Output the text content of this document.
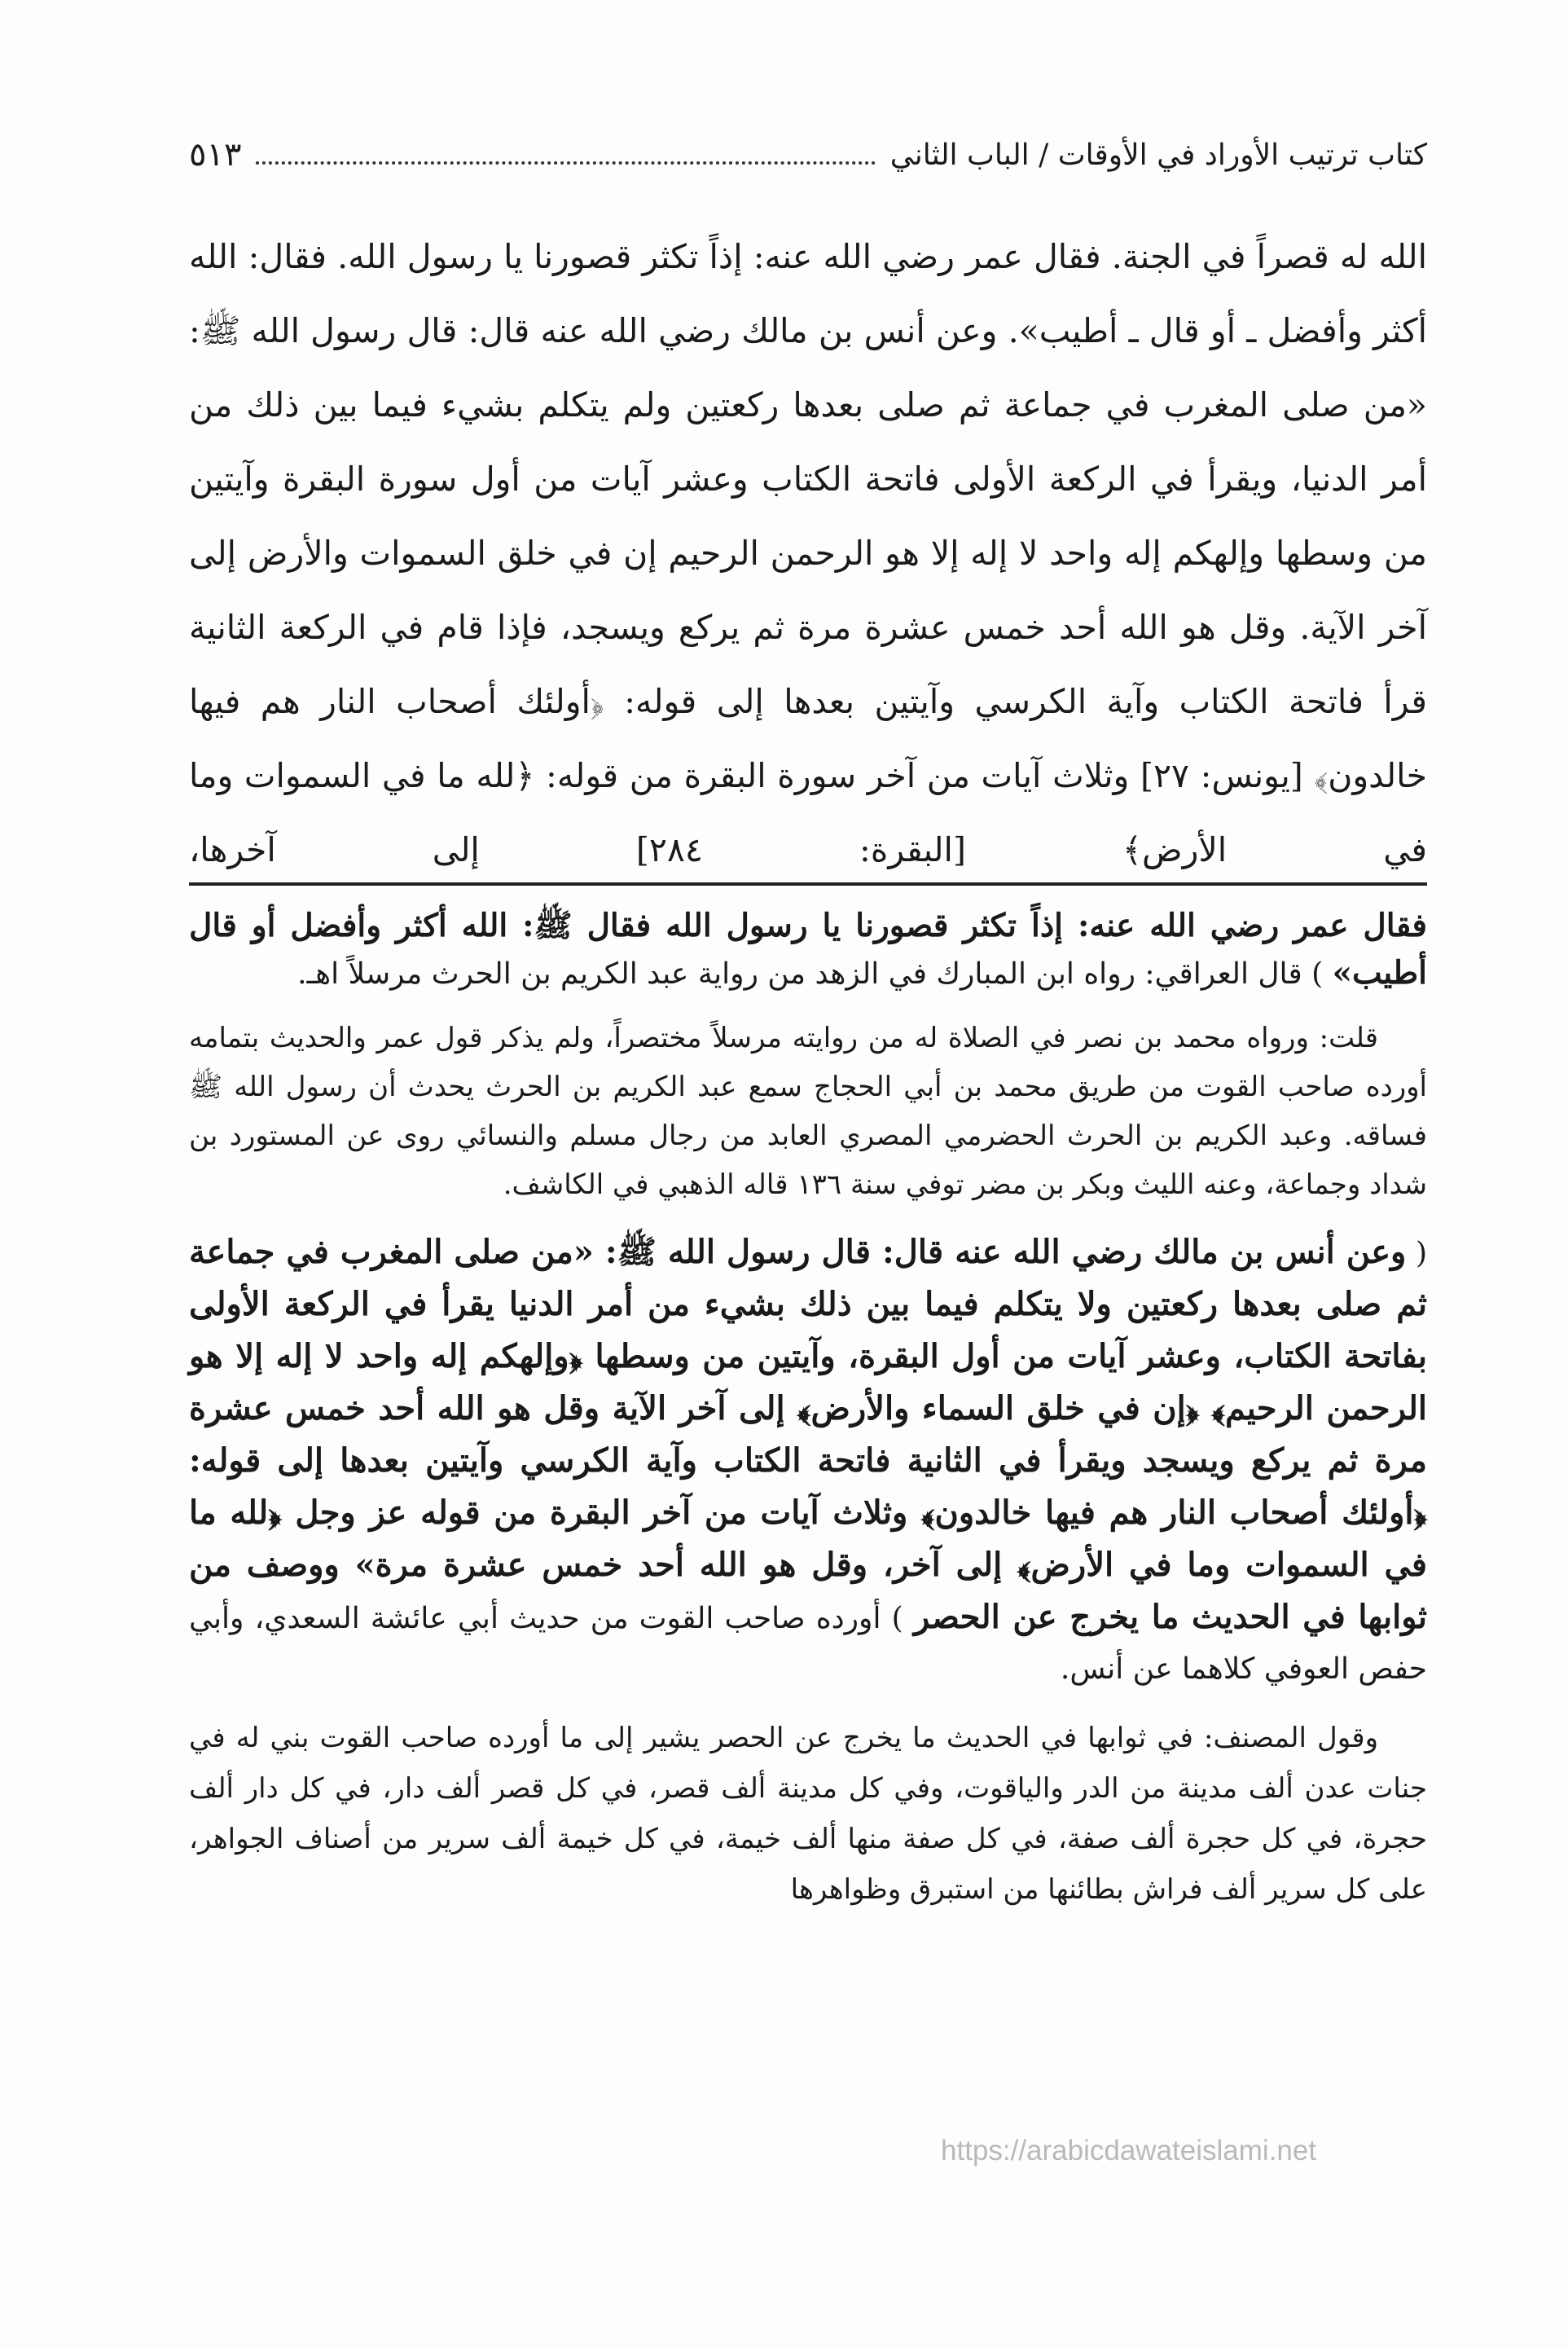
٥١٣	كتاب ترتيب الأوراد في الأوقات / الباب الثاني

الله له قصراً في الجنة. فقال عمر رضي الله عنه: إذاً تكثر قصورنا يا رسول الله. فقال: الله أكثر وأفضل ـ أو قال ـ أطيب». وعن أنس بن مالك رضي الله عنه قال: قال رسول الله ﷺ: «من صلى المغرب في جماعة ثم صلى بعدها ركعتين ولم يتكلم بشيء فيما بين ذلك من أمر الدنيا، ويقرأ في الركعة الأولى فاتحة الكتاب وعشر آيات من أول سورة البقرة وآيتين من وسطها وإلهكم إله واحد لا إله إلا هو الرحمن الرحيم إن في خلق السموات والأرض إلى آخر الآية. وقل هو الله أحد خمس عشرة مرة ثم يركع ويسجد، فإذا قام في الركعة الثانية قرأ فاتحة الكتاب وآية الكرسي وآيتين بعدها إلى قوله: ﴿أولئك أصحاب النار هم فيها خالدون﴾ [يونس: ٢٧] وثلاث آيات من آخر سورة البقرة من قوله: ﴿لله ما في السموات وما في الأرض﴾ [البقرة: ٢٨٤] إلى آخرها،

فقال عمر رضي الله عنه: إذاً تكثر قصورنا يا رسول الله فقال ﷺ: الله أكثر وأفضل أو قال أطيب» ) قال العراقي: رواه ابن المبارك في الزهد من رواية عبد الكريم بن الحرث مرسلاً اهـ.

قلت: ورواه محمد بن نصر في الصلاة له من روايته مرسلاً مختصراً، ولم يذكر قول عمر والحديث بتمامه أورده صاحب القوت من طريق محمد بن أبي الحجاج سمع عبد الكريم بن الحرث يحدث أن رسول الله ﷺ فساقه. وعبد الكريم بن الحرث الحضرمي المصري العابد من رجال مسلم والنسائي روى عن المستورد بن شداد وجماعة، وعنه الليث وبكر بن مضر توفي سنة ١٣٦ قاله الذهبي في الكاشف.

( وعن أنس بن مالك رضي الله عنه قال: قال رسول الله ﷺ: «من صلى المغرب في جماعة ثم صلى بعدها ركعتين ولا يتكلم فيما بين ذلك بشيء من أمر الدنيا يقرأ في الركعة الأولى بفاتحة الكتاب، وعشر آيات من أول البقرة، وآيتين من وسطها ﴿وإلهكم إله واحد لا إله إلا هو الرحمن الرحيم﴾ ﴿إن في خلق السماء والأرض﴾ إلى آخر الآية وقل هو الله أحد خمس عشرة مرة ثم يركع ويسجد ويقرأ في الثانية فاتحة الكتاب وآية الكرسي وآيتين بعدها إلى قوله: ﴿أولئك أصحاب النار هم فيها خالدون﴾ وثلاث آيات من آخر البقرة من قوله عز وجل ﴿لله ما في السموات وما في الأرض﴾ إلى آخر، وقل هو الله أحد خمس عشرة مرة» ووصف من ثوابها في الحديث ما يخرج عن الحصر ) أورده صاحب القوت من حديث أبي عائشة السعدي، وأبي حفص العوفي كلاهما عن أنس.

وقول المصنف: في ثوابها في الحديث ما يخرج عن الحصر يشير إلى ما أورده صاحب القوت بني له في جنات عدن ألف مدينة من الدر والياقوت، وفي كل مدينة ألف قصر، في كل قصر ألف دار، في كل دار ألف حجرة، في كل حجرة ألف صفة، في كل صفة منها ألف خيمة، في كل خيمة ألف سرير من أصناف الجواهر، على كل سرير ألف فراش بطائنها من استبرق وظواهرها

https://arabicdawateislami.net
